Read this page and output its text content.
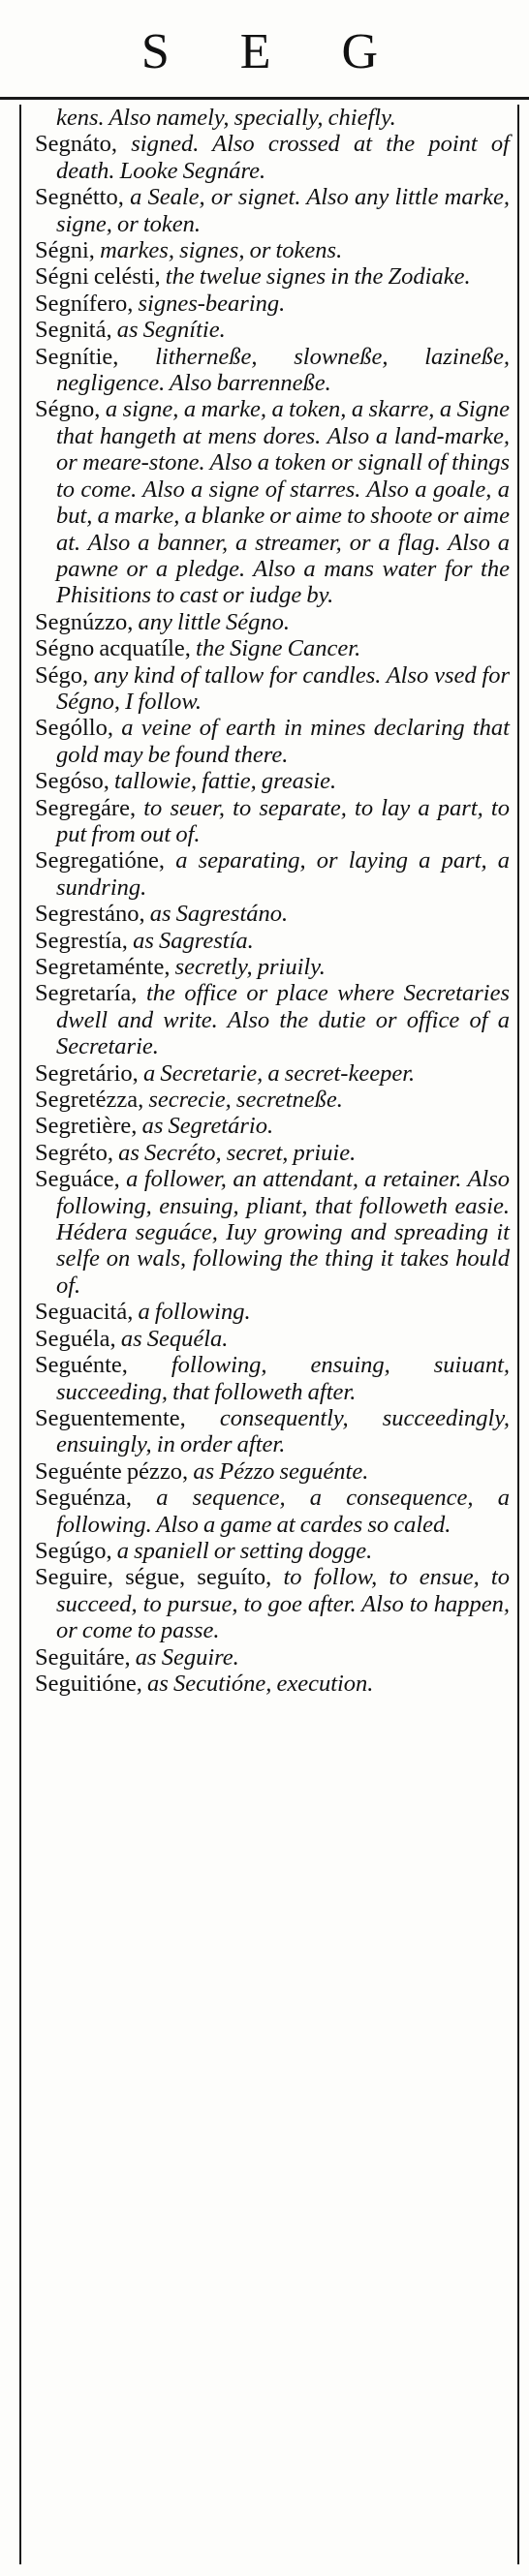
S E G
kens. Also namely, specially, chiefly.
Segnáto, signed. Also crossed at the point of death. Looke Segnáre.
Segnétto, a Seale, or signet. Also any little marke, signe, or token.
Ségni, markes, signes, or tokens.
Ségni celésti, the twelue signes in the Zodiake.
Segnífero, signes-bearing.
Segnitá, as Segnítie.
Segnítie, litherneße, slowneße, lazineße, negligence. Also barrenneße.
Ségno, a signe, a marke, a token, a skarre, a Signe that hangeth at mens dores. Also a land-marke, or meare-stone. Also a token or signall of things to come. Also a signe of starres. Also a goale, a but, a marke, a blanke or aime to shoote or aime at. Also a banner, a streamer, or a flag. Also a pawne or a pledge. Also a mans water for the Phisitions to cast or iudge by.
Segnúzzo, any little Ségno.
Ségno acquatíle, the Signe Cancer.
Ségo, any kind of tallow for candles. Also vsed for Ségno, I follow.
Sególlo, a veine of earth in mines declaring that gold may be found there.
Segóso, tallowie, fattie, greasie.
Segregáre, to seuer, to separate, to lay a part, to put from out of.
Segregatióne, a separating, or laying a part, a sundring.
Segrestáno, as Sagrestáno.
Segrestía, as Sagrestía.
Segretaménte, secretly, priuily.
Segretaría, the office or place where Secretaries dwell and write. Also the dutie or office of a Secretarie.
Segretário, a Secretarie, a secret-keeper.
Segretézza, secrecie, secretneße.
Segretière, as Segretário.
Segréto, as Secréto, secret, priuie.
Seguáce, a follower, an attendant, a retainer. Also following, ensuing, pliant, that followeth easie. Hédera seguáce, Iuy growing and spreading it selfe on wals, following the thing it takes hould of.
Seguacitá, a following.
Seguéla, as Sequéla.
Seguénte, following, ensuing, suiuant, succeeding, that followeth after.
Seguentemente, consequently, succeedingly, ensuingly, in order after.
Seguénte pézzo, as Pézzo seguénte.
Seguénza, a sequence, a consequence, a following. Also a game at cardes so caled.
Segúgo, a spaniell or setting dogge.
Seguire, ségue, seguíto, to follow, to ensue, to succeed, to pursue, to goe after. Also to happen, or come to passe.
Seguitáre, as Seguire.
Seguitióne, as Secutióne, execution.
